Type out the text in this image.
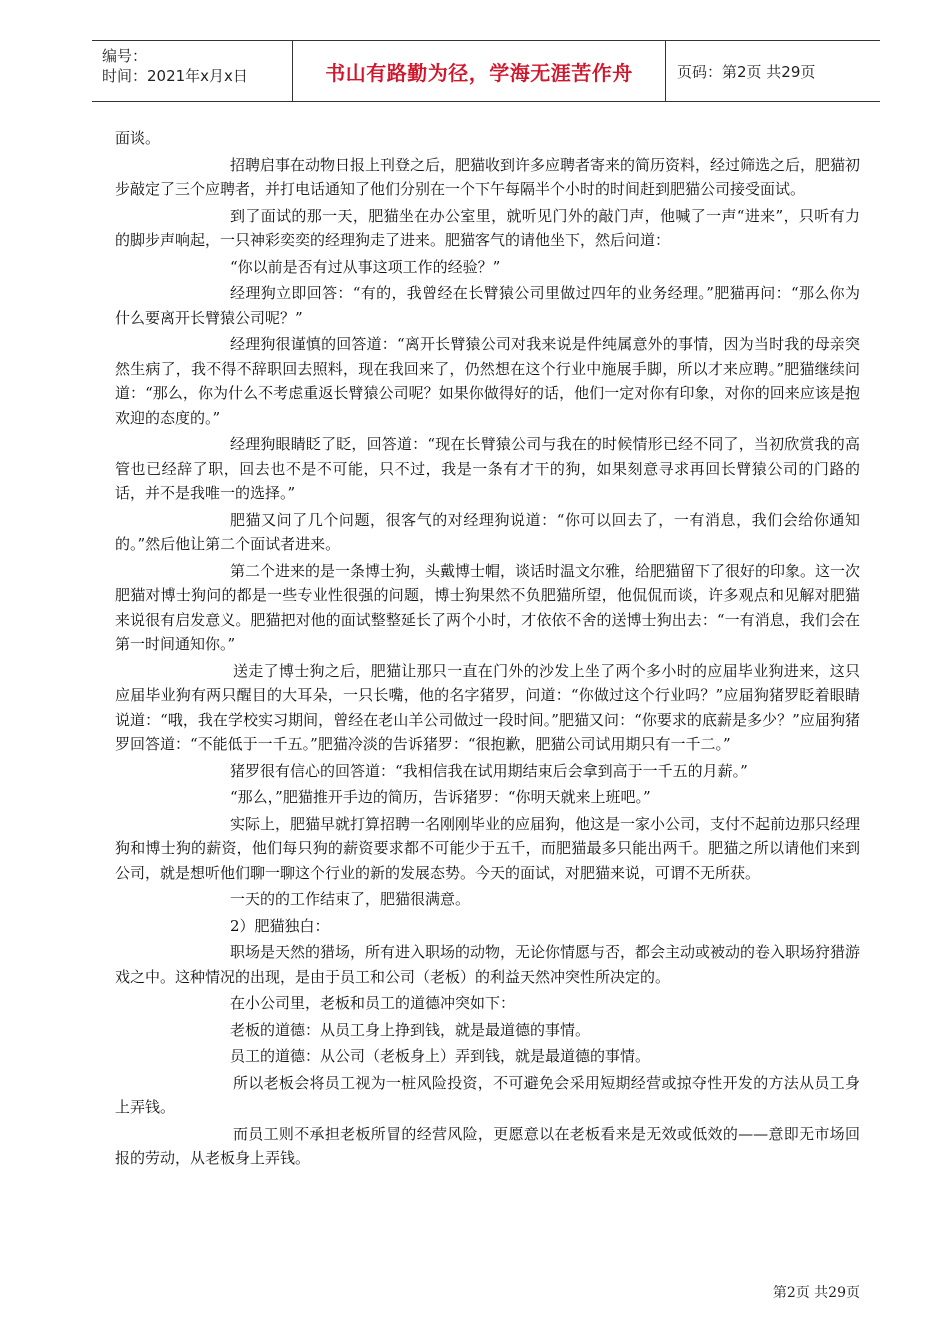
编号：
时间：2021年x月x日	书山有路勤为径，学海无涯苦作舟	页码：第2页 共29页

面谈。

招聘启事在动物日报上刊登之后，肥猫收到许多应聘者寄来的简历资料，经过筛选之后，肥猫初步敲定了三个应聘者，并打电话通知了他们分别在一个下午每隔半个小时的时间赶到肥猫公司接受面试。

到了面试的那一天，肥猫坐在办公室里，就听见门外的敲门声，他喊了一声“进来”，只听有力的脚步声响起，一只神彩奕奕的经理狗走了进来。肥猫客气的请他坐下，然后问道：

“你以前是否有过从事这项工作的经验？”

经理狗立即回答：“有的，我曾经在长臂猿公司里做过四年的业务经理。”肥猫再问：“那么你为什么要离开长臂猿公司呢？”

经理狗很谨慎的回答道：“离开长臂猿公司对我来说是件纯属意外的事情，因为当时我的母亲突然生病了，我不得不辞职回去照料，现在我回来了，仍然想在这个行业中施展手脚，所以才来应聘。”肥猫继续问道：“那么，你为什么不考虑重返长臂猿公司呢？如果你做得好的话，他们一定对你有印象，对你的回来应该是抱欢迎的态度的。”

经理狗眼睛眨了眨，回答道：“现在长臂猿公司与我在的时候情形已经不同了，当初欣赏我的高管也已经辞了职，回去也不是不可能，只不过，我是一条有才干的狗，如果刻意寻求再回长臂猿公司的门路的话，并不是我唯一的选择。”

肥猫又问了几个问题，很客气的对经理狗说道：“你可以回去了，一有消息，我们会给你通知的。”然后他让第二个面试者进来。

第二个进来的是一条博士狗，头戴博士帽，谈话时温文尔雅，给肥猫留下了很好的印象。这一次肥猫对博士狗问的都是一些专业性很强的问题，博士狗果然不负肥猫所望，他侃侃而谈，许多观点和见解对肥猫来说很有启发意义。肥猫把对他的面试整整延长了两个小时，才依依不舍的送博士狗出去：“一有消息，我们会在第一时间通知你。”

送走了博士狗之后，肥猫让那只一直在门外的沙发上坐了两个多小时的应届毕业狗进来，这只应届毕业狗有两只醒目的大耳朵，一只长嘴，他的名字猪罗，问道：“你做过这个行业吗？”应届狗猪罗眨着眼睛说道：“哦，我在学校实习期间，曾经在老山羊公司做过一段时间。”肥猫又问：“你要求的底薪是多少？”应届狗猪罗回答道：“不能低于一千五。”肥猫冷淡的告诉猪罗：“很抱歉，肥猫公司试用期只有一千二。”

猪罗很有信心的回答道：“我相信我在试用期结束后会拿到高于一千五的月薪。”

“那么，”肥猫推开手边的简历，告诉猪罗：“你明天就来上班吧。”

实际上，肥猫早就打算招聘一名刚刚毕业的应届狗，他这是一家小公司，支付不起前边那只经理狗和博士狗的薪资，他们每只狗的薪资要求都不可能少于五千，而肥猫最多只能出两千。肥猫之所以请他们来到公司，就是想听他们聊一聊这个行业的新的发展态势。今天的面试，对肥猫来说，可谓不无所获。

一天的的工作结束了，肥猫很满意。

2）肥猫独白：

职场是天然的猎场，所有进入职场的动物，无论你情愿与否，都会主动或被动的卷入职场狩猎游戏之中。这种情况的出现，是由于员工和公司（老板）的利益天然冲突性所决定的。

在小公司里，老板和员工的道德冲突如下：

老板的道德：从员工身上挣到钱，就是最道德的事情。

员工的道德：从公司（老板身上）弄到钱，就是最道德的事情。

所以老板会将员工视为一桩风险投资，不可避免会采用短期经营或掠夺性开发的方法从员工身上弄钱。

而员工则不承担老板所冒的经营风险，更愿意以在老板看来是无效或低效的——意即无市场回报的劳动，从老板身上弄钱。

第2页 共29页
